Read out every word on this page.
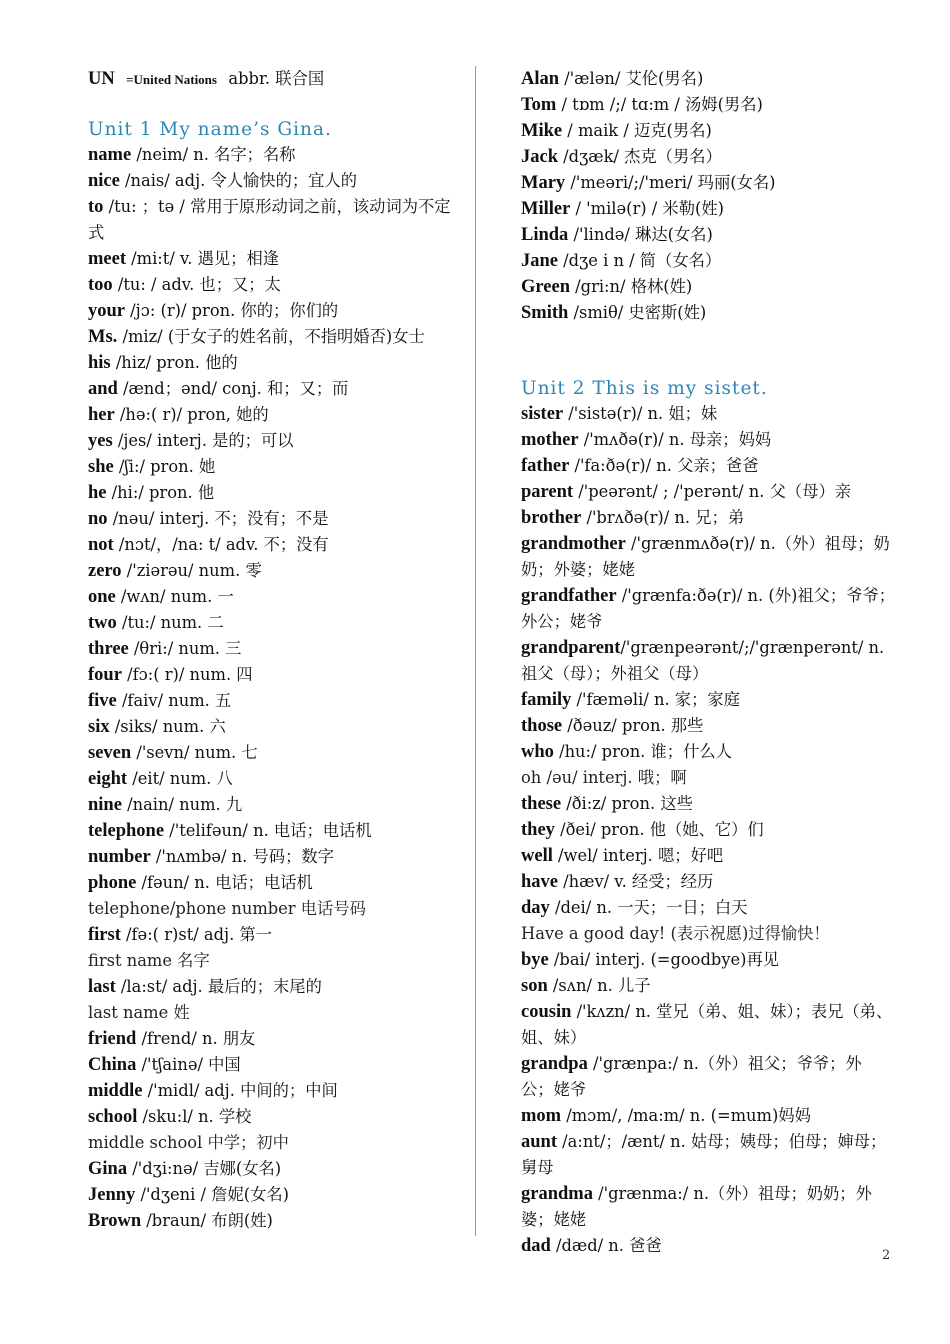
UN =United Nations abbr. 联合国

Unit 1 My name’s Gina.

name /neim/ n. 名字；名称

nice /nais/ adj. 令人愉快的；宜人的

to /tu: ；tə / 常用于原形动词之前，该动词为不定式

meet /mi:t/ v. 遇见；相逢

too /tu: / adv. 也；又；太

your /jɔ: (r)/ pron. 你的；你们的

Ms. /miz/ (于女子的姓名前，不指明婚否)女士

his /hiz/ pron. 他的

and /ænd；ənd/ conj. 和；又；而

her /hə:( r)/ pron, 她的

yes /jes/ interj. 是的；可以

she /ʃi:/ pron. 她

he /hi:/ pron. 他

no /nəu/ interj. 不；没有；不是

not /nɔt/，/na: t/ adv. 不；没有

zero /'ziərəu/ num. 零

one /wʌn/ num. 一

two /tu:/ num. 二

three /θri:/ num. 三

four /fɔ:( r)/ num. 四

five /faiv/ num. 五

six /siks/ num. 六

seven /'sevn/ num. 七

eight /eit/ num. 八

nine /nain/ num. 九

telephone /'telifəun/ n. 电话；电话机

number /'nʌmbə/ n. 号码；数字

phone /fəun/ n. 电话；电话机

telephone/phone number 电话号码

first /fə:( r)st/ adj. 第一

first name 名字

last /la:st/ adj. 最后的；末尾的

last name 姓

friend /frend/ n. 朋友

China /'tʃainə/ 中国

middle /'midl/ adj. 中间的；中间

school /sku:l/ n. 学校

middle school 中学；初中

Gina /'dʒi:nə/ 吉娜(女名)

Jenny /'dʒeni / 詹妮(女名)

Brown /braun/ 布朗(姓)

Alan /'ælən/ 艾伦(男名)

Tom / tɒm /;/ tɑ:m / 汤姆(男名)

Mike / maik / 迈克(男名)

Jack /dʒæk/ 杰克（男名）

Mary /'meəri/;/'meri/ 玛丽(女名)

Miller / 'milə(r) / 米勒(姓)

Linda /'lində/ 琳达(女名)

Jane /dʒe i n / 简（女名）

Green /gri:n/ 格林(姓)

Smith /smiθ/ 史密斯(姓)

Unit 2 This is my sistet.

sister /'sistə(r)/ n. 姐；妹

mother /'mʌðə(r)/ n. 母亲；妈妈

father /'fa:ðə(r)/ n. 父亲；爸爸

parent /'peərənt/ ; /'perənt/ n. 父（母）亲

brother /'brʌðə(r)/ n. 兄；弟

grandmother /'grænmʌðə(r)/ n.（外）祖母；奶奶；外婆；姥姥

grandfather /'grænfa:ðə(r)/ n. (外)祖父；爷爷；　外公；姥爷

grandparent/'grænpeərənt/;/'grænperənt/ n.祖父（母）；外祖父（母）

family /'fæməli/ n. 家；家庭

those /ðəuz/ pron. 那些

who /hu:/ pron. 谁；什么人

oh /əu/ interj. 哦；啊

these /ði:z/ pron. 这些

they /ðei/ pron. 他（她、它）们

well /wel/ interj. 嗯；好吧

have /hæv/ v. 经受；经历

day /dei/ n. 一天；一日；白天

Have a good day! (表示祝愿)过得愉快！

bye /bai/ interj. (=goodbye)再见

son /sʌn/ n. 儿子

cousin /'kʌzn/ n. 堂兄（弟、姐、妹）；表兄（弟、姐、妹）

grandpa /'grænpa:/ n.（外）祖父；爷爷；外公；姥爷

mom /mɔm/, /ma:m/ n. (=mum)妈妈

aunt /a:nt/；/ænt/ n. 姑母；姨母；伯母；婶母；舅母

grandma /'grænma:/ n.（外）祖母；奶奶；外婆；姥姥

dad /dæd/ n. 爸爸

2
